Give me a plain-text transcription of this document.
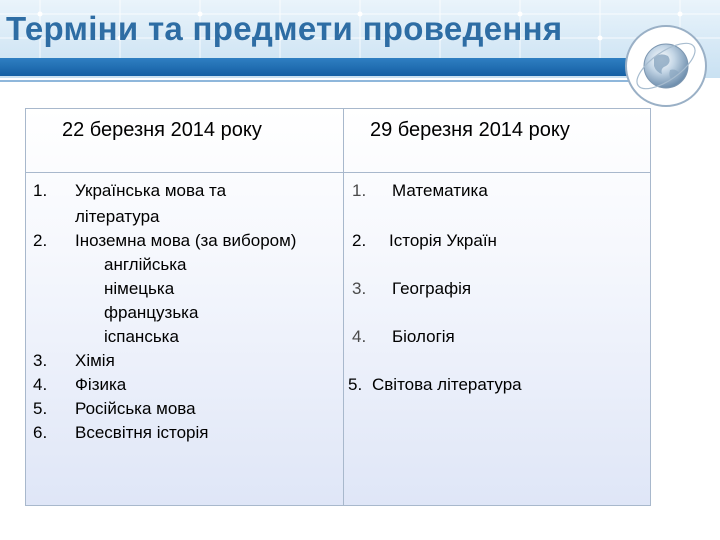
Терміни та предмети проведення
22 березня 2014 року	29 березня 2014 року
1. Українська мова та
література
2. Іноземна мова (за вибором)
англійська
німецька
французька
іспанська
3. Хімія
4. Фізика
5. Російська мова
6. Всесвітня історія
1. Математика
2. Історія Україн
3. Географія
4. Біологія
5. Світова література
